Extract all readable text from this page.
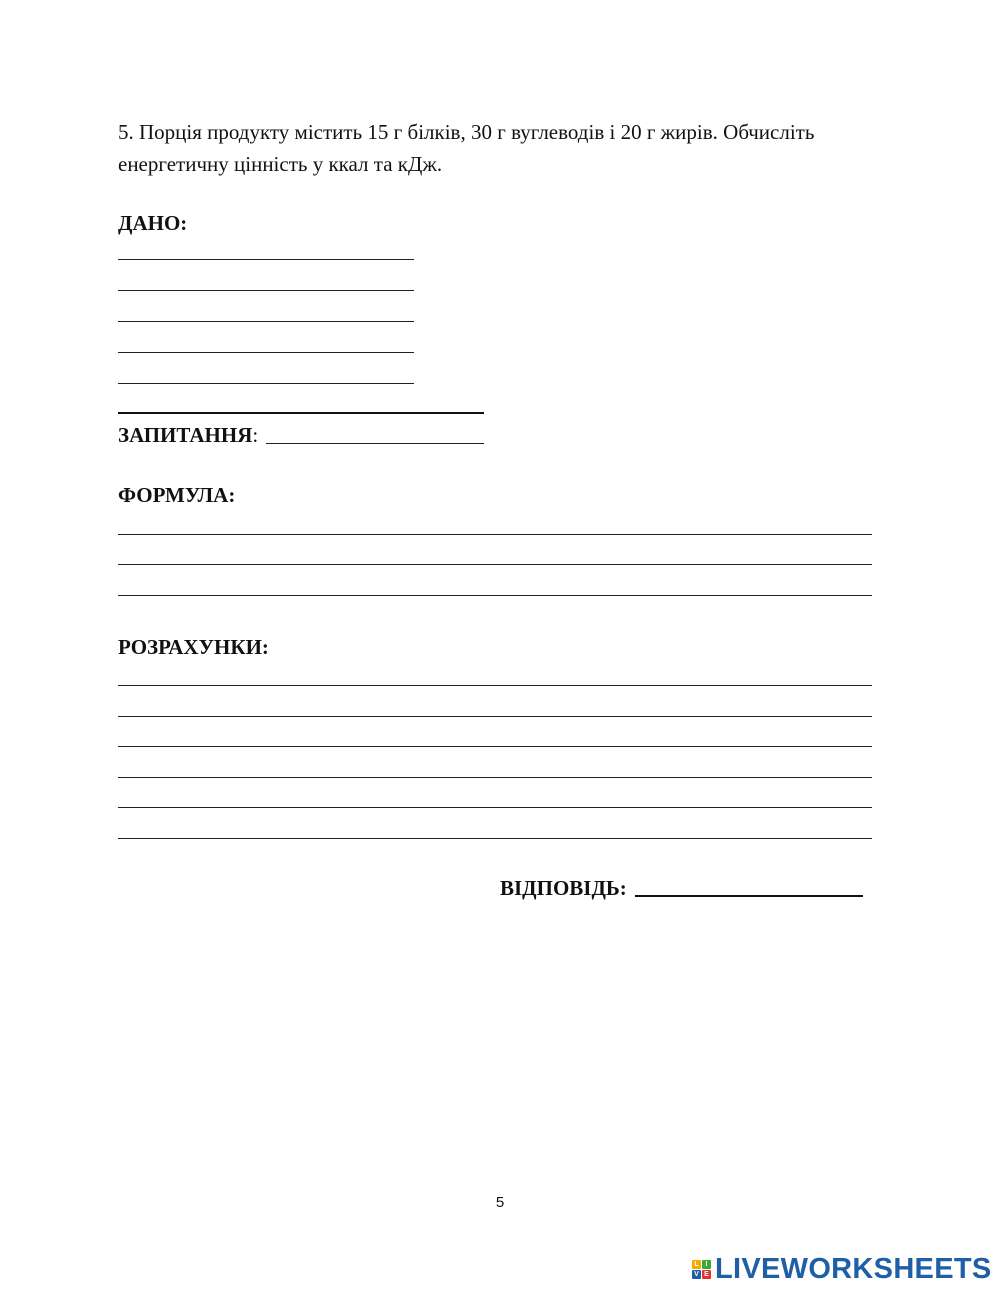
5. Порція продукту містить 15 г білків, 30 г вуглеводів і 20 г жирів. Обчисліть енергетичну цінність у ккал та кДж.
ДАНО:
ЗАПИТАННЯ :
ФОРМУЛА:
РОЗРАХУНКИ:
ВІДПОВІДЬ:
5
L I
V E LIVEWORKSHEETS
